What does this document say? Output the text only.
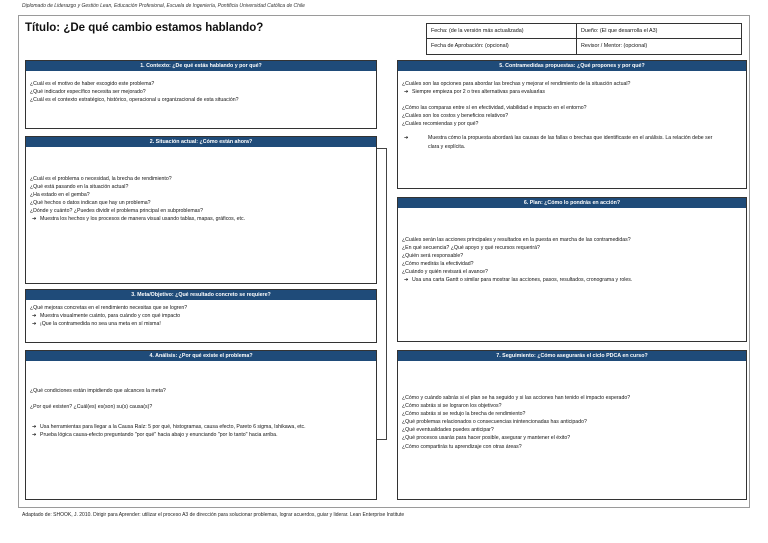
Diplomado de Liderazgo y Gestión Lean, Educación Profesional, Escuela de Ingeniería, Pontificia Universidad Católica de Chile
Título: ¿De qué cambio estamos hablando?	Fecha: (de la versión más actualizada)	Dueño: (El que desarrolla el A3)
Fecha de Aprobación: (opcional)	Revisor / Mentor: (opcional)
1. Contexto: ¿De qué estás hablando y por qué?
¿Cuál es el motivo de haber escogido este problema?
¿Qué indicador específico necesita ser mejorado?
¿Cuál es el contexto estratégico, histórico, operacional u organizacional de esta situación?
2. Situación actual: ¿Cómo están ahora?
¿Cuál es el problema o necesidad, la brecha de rendimiento?
¿Qué está pasando en la situación actual?
¿Ha estado en el gemba?
¿Qué hechos o datos indican que hay un problema?
¿Dónde y cuánto? ¿Puedes dividir el problema principal en subproblemas?
➔ Muestra los hechos y los procesos de manera visual usando tablas, mapas, gráficos, etc.
3. Meta/Objetivo: ¿Qué resultado concreto se requiere?
¿Qué mejoras concretas en el rendimiento necesitas que se logren?
➔ Muestra visualmente cuánto, para cuándo y con qué impacto
➔ ¡Que la contramedida no sea una meta en sí misma!
4. Análisis: ¿Por qué existe el problema?
¿Qué condiciones están impidiendo que alcances la meta?
¿Por qué existen? ¿Cuál(es) es(son) su(s) causa(s)?
➔ Usa herramientas para llegar a la Causa Raíz: 5 por qué, histogramas, causa efecto, Pareto 6 sigma, Ishikawa, etc.
➔ Prueba lógica causa-efecto preguntando "por qué" hacia abajo y enunciando "por lo tanto" hacia arriba.
5. Contramedidas propuestas: ¿Qué propones y por qué?
¿Cuáles son las opciones para abordar las brechas y mejorar el rendimiento de la situación actual?
➔ Siempre empieza por 2 o tres alternativas para evaluarlas
¿Cómo las comparas entre sí en efectividad, viabilidad e impacto en el entorno?
¿Cuáles son los costos y beneficios relativos?
¿Cuáles recomiendas y por qué?
➔ Muestra cómo la propuesta abordará las causas de las fallas o brechas que identificaste en el análisis. La relación debe ser clara y explícita.
6. Plan: ¿Cómo lo pondrás en acción?
¿Cuáles serán las acciones principales y resultados en la puesta en marcha de las contramedidas?
¿En qué secuencia? ¿Qué apoyo y qué recursos requerirá?
¿Quién será responsable?
¿Cómo medirás la efectividad?
¿Cuándo y quién revisará el avance?
➔ Usa una carta Gantt o similar para mostrar las acciones, pasos, resultados, cronograma y roles.
7. Seguimiento: ¿Cómo asegurarás el ciclo PDCA en curso?
¿Cómo y cuándo sabrás si el plan se ha seguido y si las acciones han tenido el impacto esperado?
¿Cómo sabrás si se lograron los objetivos?
¿Cómo sabrás si se redujo la brecha de rendimiento?
¿Qué problemas relacionados o consecuencias inintencionadas has anticipado?
¿Qué eventualidades puedes anticipar?
¿Qué procesos usarás para hacer posible, asegurar y mantener el éxito?
¿Cómo compartirás tu aprendizaje con otras áreas?
Adaptado de: SHOOK, J. 2010. Dirigir para Aprender: utilizar el proceso A3 de dirección para solucionar problemas, lograr acuerdos, guiar y liderar. Lean Enterprise Institute
